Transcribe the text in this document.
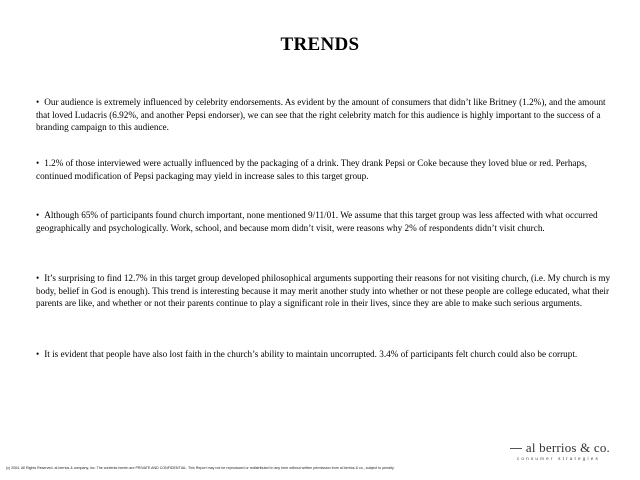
TRENDS

• Our audience is extremely influenced by celebrity endorsements. As evident by the amount of consumers that didn’t like Britney (1.2%), and the amount that loved Ludacris (6.92%, and another Pepsi endorser), we can see that the right celebrity match for this audience is highly important to the success of a branding campaign to this audience.

• 1.2% of those interviewed were actually influenced by the packaging of a drink. They drank Pepsi or Coke because they loved blue or red. Perhaps, continued modification of Pepsi packaging may yield in increase sales to this target group.

• Although 65% of participants found church important, none mentioned 9/11/01. We assume that this target group was less affected with what occurred geographically and psychologically. Work, school, and because mom didn’t visit, were reasons why 2% of respondents didn’t visit church.

• It’s surprising to find 12.7% in this target group developed philosophical arguments supporting their reasons for not visiting church, (i.e. My church is my body, belief in God is enough). This trend is interesting because it may merit another study into whether or not these people are college educated, what their parents are like, and whether or not their parents continue to play a significant role in their lives, since they are able to make such serious arguments.

• It is evident that people have also lost faith in the church’s ability to maintain uncorrupted. 3.4% of participants felt church could also be corrupt.

al berrios & co.
consumer strategies
(c) 2004. All Rights Reserved. al berrios & company, inc. The contents herein are PRIVATE AND CONFIDENTIAL. This Report may not be reproduced or redistributed in any form without written permission from al berrios & co., subject to penalty.
